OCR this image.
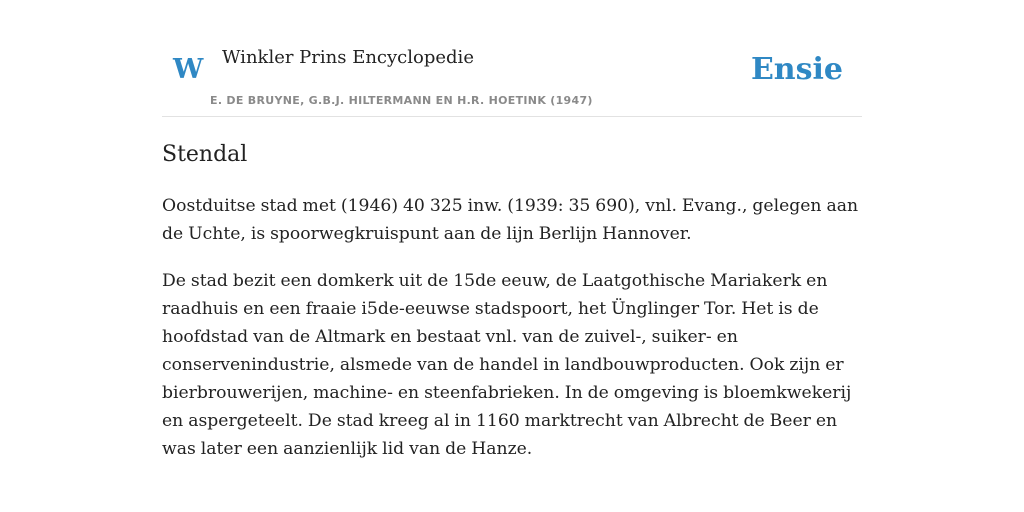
W Winkler Prins Encyclopedie
E. DE BRUYNE, G.B.J. HILTERMANN EN H.R. HOETINK (1947)
Ensie
Stendal

Oostduitse stad met (1946) 40 325 inw. (1939: 35 690), vnl. Evang., gelegen aan de Uchte, is spoorwegkruispunt aan de lijn Berlijn Hannover.

De stad bezit een domkerk uit de 15de eeuw, de Laatgothische Mariakerk en raadhuis en een fraaie i5de-eeuwse stadspoort, het Ünglinger Tor. Het is de hoofdstad van de Altmark en bestaat vnl. van de zuivel-, suiker- en conservenindustrie, alsmede van de handel in landbouwproducten. Ook zijn er bierbrouwerijen, machine- en steenfabrieken. In de omgeving is bloemkwekerij en aspergeteelt. De stad kreeg al in 1160 marktrecht van Albrecht de Beer en was later een aanzienlijk lid van de Hanze.
